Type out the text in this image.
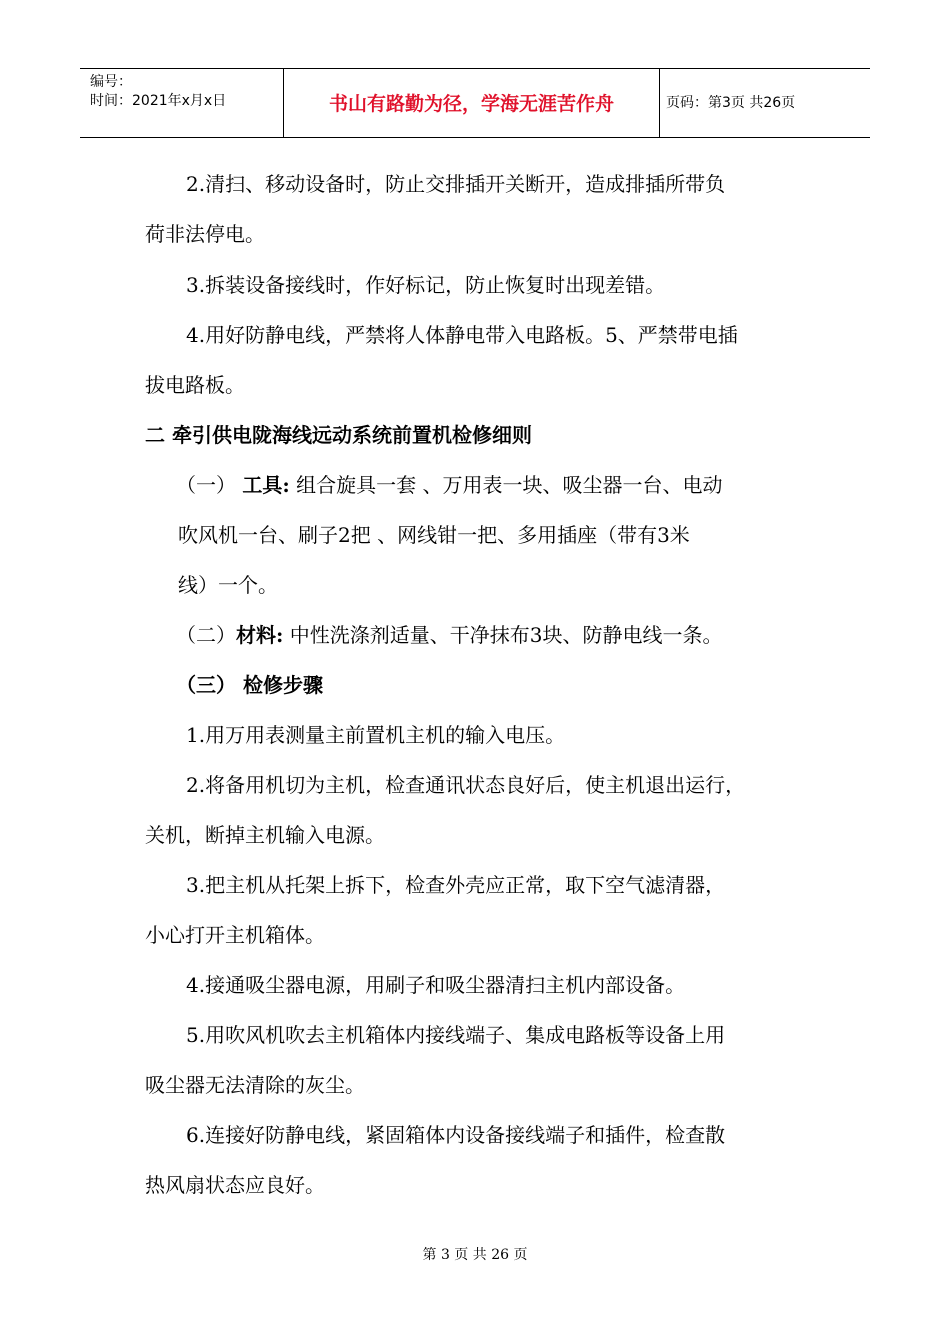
编号：
时间：2021年x月x日	书山有路勤为径，学海无涯苦作舟	页码：第3页 共26页
2.清扫、移动设备时，防止交排插开关断开，造成排插所带负
荷非法停电。
3.拆装设备接线时，作好标记，防止恢复时出现差错。
4.用好防静电线，严禁将人体静电带入电路板。5、严禁带电插
拔电路板。
二 牵引供电陇海线远动系统前置机检修细则
（一） 工具: 组合旋具一套 、万用表一块、吸尘器一台、电动
吹风机一台、刷子2把 、网线钳一把、多用插座（带有3米
线）一个。
（二）材料: 中性洗涤剂适量、干净抹布3块、防静电线一条。
（三） 检修步骤
1.用万用表测量主前置机主机的输入电压。
2.将备用机切为主机，检查通讯状态良好后，使主机退出运行，
关机，断掉主机输入电源。
3.把主机从托架上拆下，检查外壳应正常，取下空气滤清器，
小心打开主机箱体。
4.接通吸尘器电源，用刷子和吸尘器清扫主机内部设备。
5.用吹风机吹去主机箱体内接线端子、集成电路板等设备上用
吸尘器无法清除的灰尘。
6.连接好防静电线，紧固箱体内设备接线端子和插件，检查散
热风扇状态应良好。
第 3 页 共 26 页
